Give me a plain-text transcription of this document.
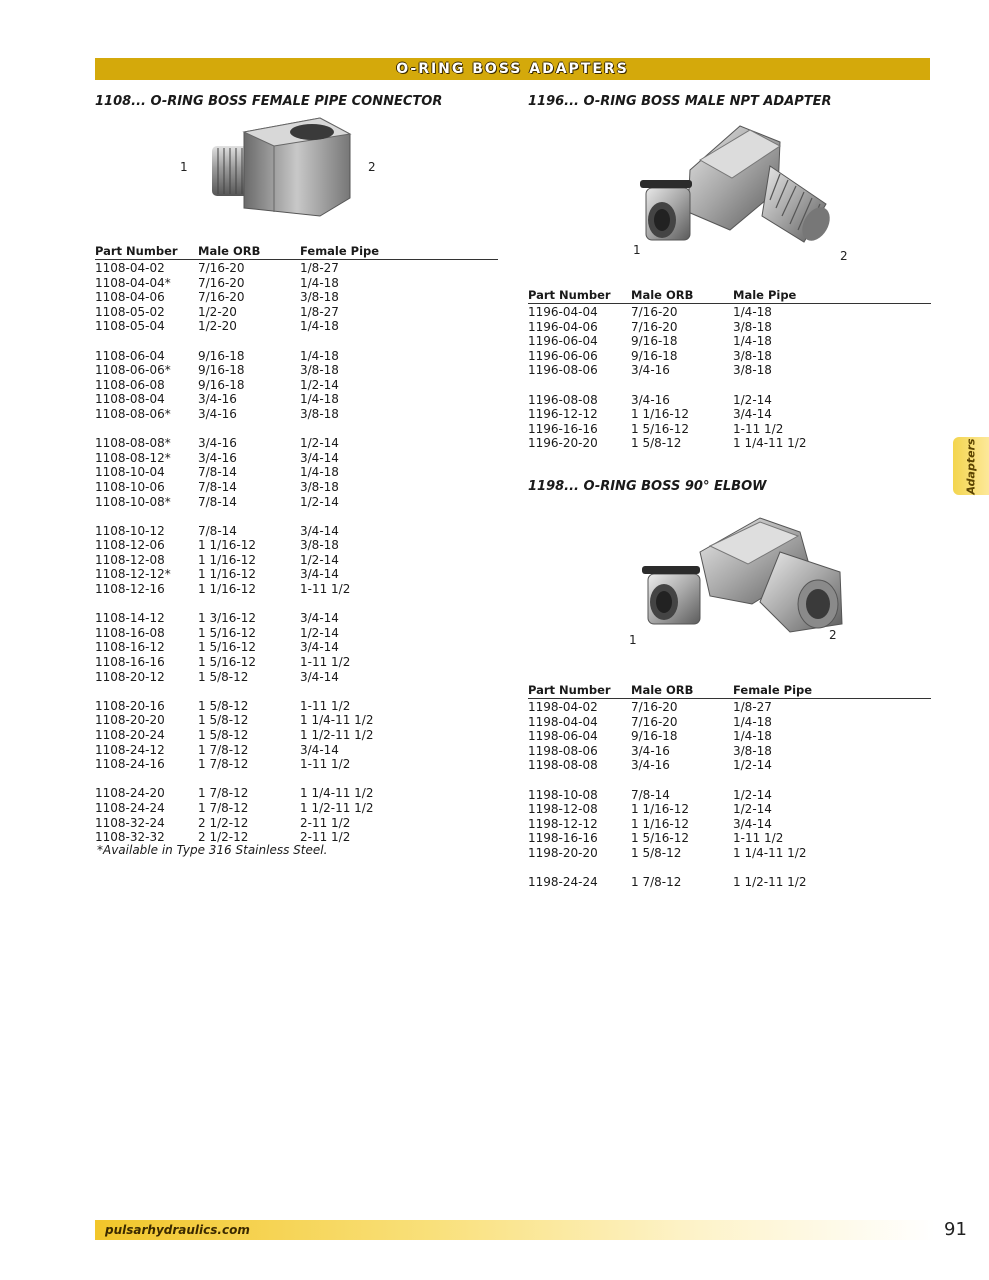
O-RING BOSS ADAPTERS
1108... O-RING BOSS FEMALE PIPE CONNECTOR
1	2
Part Number	Male ORB	Female Pipe
1108-04-02	7/16-20	1/8-27
1108-04-04*	7/16-20	1/4-18
1108-04-06	7/16-20	3/8-18
1108-05-02	1/2-20	1/8-27
1108-05-04	1/2-20	1/4-18
1108-06-04	9/16-18	1/4-18
1108-06-06*	9/16-18	3/8-18
1108-06-08	9/16-18	1/2-14
1108-08-04	3/4-16	1/4-18
1108-08-06*	3/4-16	3/8-18
1108-08-08*	3/4-16	1/2-14
1108-08-12*	3/4-16	3/4-14
1108-10-04	7/8-14	1/4-18
1108-10-06	7/8-14	3/8-18
1108-10-08*	7/8-14	1/2-14
1108-10-12	7/8-14	3/4-14
1108-12-06	1 1/16-12	3/8-18
1108-12-08	1 1/16-12	1/2-14
1108-12-12*	1 1/16-12	3/4-14
1108-12-16	1 1/16-12	1-11 1/2
1108-14-12	1 3/16-12	3/4-14
1108-16-08	1 5/16-12	1/2-14
1108-16-12	1 5/16-12	3/4-14
1108-16-16	1 5/16-12	1-11 1/2
1108-20-12	1 5/8-12	3/4-14
1108-20-16	1 5/8-12	1-11 1/2
1108-20-20	1 5/8-12	1 1/4-11 1/2
1108-20-24	1 5/8-12	1 1/2-11 1/2
1108-24-12	1 7/8-12	3/4-14
1108-24-16	1 7/8-12	1-11 1/2
1108-24-20	1 7/8-12	1 1/4-11 1/2
1108-24-24	1 7/8-12	1 1/2-11 1/2
1108-32-24	2 1/2-12	2-11 1/2
1108-32-32	2 1/2-12	2-11 1/2
*Available in Type 316 Stainless Steel.
1196... O-RING BOSS MALE NPT ADAPTER
1	2
Part Number	Male ORB	Male Pipe
1196-04-04	7/16-20	1/4-18
1196-04-06	7/16-20	3/8-18
1196-06-04	9/16-18	1/4-18
1196-06-06	9/16-18	3/8-18
1196-08-06	3/4-16	3/8-18
1196-08-08	3/4-16	1/2-14
1196-12-12	1 1/16-12	3/4-14
1196-16-16	1 5/16-12	1-11 1/2
1196-20-20	1 5/8-12	1 1/4-11 1/2
1198... O-RING BOSS 90° ELBOW
1	2
Part Number	Male ORB	Female Pipe
1198-04-02	7/16-20	1/8-27
1198-04-04	7/16-20	1/4-18
1198-06-04	9/16-18	1/4-18
1198-08-06	3/4-16	3/8-18
1198-08-08	3/4-16	1/2-14
1198-10-08	7/8-14	1/2-14
1198-12-08	1 1/16-12	1/2-14
1198-12-12	1 1/16-12	3/4-14
1198-16-16	1 5/16-12	1-11 1/2
1198-20-20	1 5/8-12	1 1/4-11 1/2
1198-24-24	1 7/8-12	1 1/2-11 1/2
Adapters
pulsarhydraulics.com	91
